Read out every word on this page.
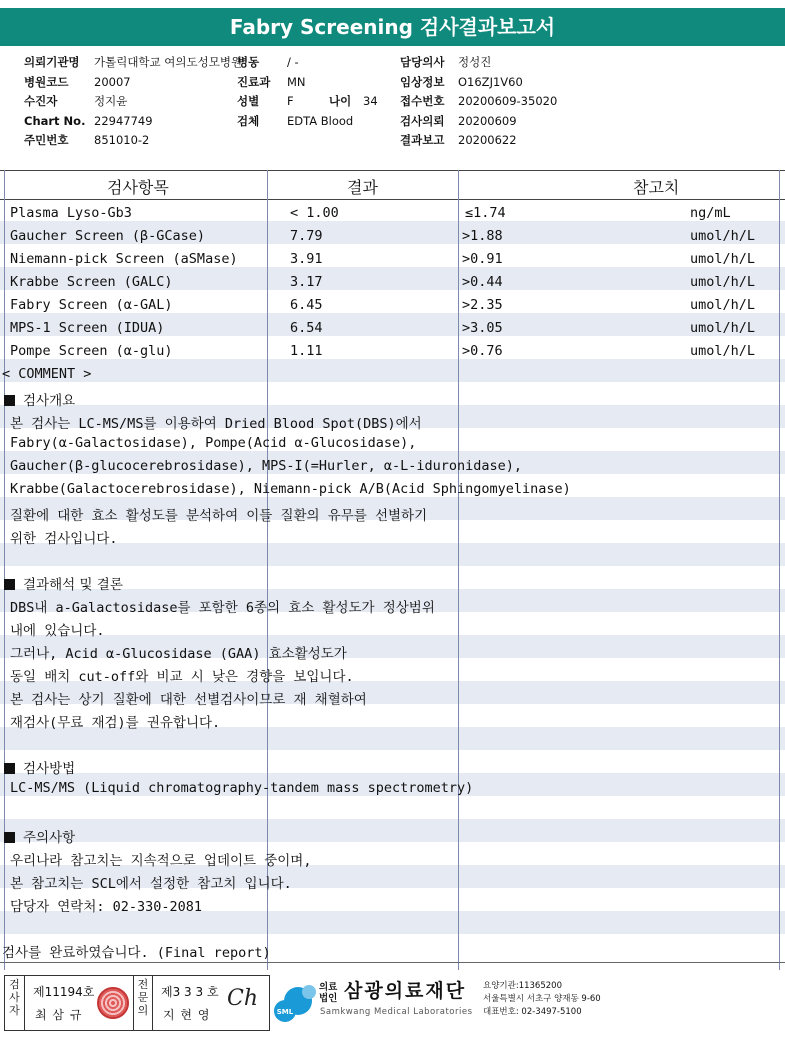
Fabry Screening 검사결과보고서
의뢰기관명 가톨릭대학교 여의도성모병원
병원코드 20007
수진자	정지윤
Chart No. 22947749
주민번호 851010-2
병동 / -
진료과 MN
성별 F	나이 34
검체 EDTA Blood
담당의사 정성진
임상정보 O16ZJ1V60
접수번호 20200609-35020
검사의뢰 20200609
결과보고 20200622
검사항목	결과	참고치
Plasma Lyso-Gb3	< 1.00	≤1.74	ng/mL
Gaucher Screen (β-GCase)	7.79	>1.88	umol/h/L
Niemann-pick Screen (aSMase)	3.91	>0.91	umol/h/L
Krabbe Screen (GALC)	3.17	>0.44	umol/h/L
Fabry Screen (α-GAL)	6.45	>2.35	umol/h/L
MPS-1 Screen (IDUA)	6.54	>3.05	umol/h/L
Pompe Screen (α-glu)	1.11	>0.76	umol/h/L
< COMMENT >
검사개요
본 검사는 LC-MS/MS를 이용하여 Dried Blood Spot(DBS)에서
Fabry(α-Galactosidase), Pompe(Acid α-Glucosidase),
Gaucher(β-glucocerebrosidase), MPS-I(=Hurler, α-L-iduronidase),
Krabbe(Galactocerebrosidase), Niemann-pick A/B(Acid Sphingomyelinase)
질환에 대한 효소 활성도를 분석하여 이들 질환의 유무를 선별하기
위한 검사입니다.
결과해석 및 결론
DBS내 a-Galactosidase를 포함한 6종의 효소 활성도가 정상범위
내에 있습니다.
그러나, Acid α-Glucosidase (GAA) 효소활성도가
동일 배치 cut-off와 비교 시 낮은 경향을 보입니다.
본 검사는 상기 질환에 대한 선별검사이므로 재 채혈하여
재검사(무료 재검)를 권유합니다.
검사방법
LC-MS/MS (Liquid chromatography-tandem mass spectrometry)
주의사항
우리나라 참고치는 지속적으로 업데이트 중이며,
본 참고치는 SCL에서 설정한 참고치 입니다.
담당자 연락처: 02-330-2081
검사를 완료하였습니다. (Final report)
검사자
제11194호
최 삼 규
전문의
제3 3 3 호
지 현 영
Ch
SML
의료법인 삼광의료재단
Samkwang Medical Laboratories
요양기관:11365200
서울특별시 서초구 양재동 9-60
대표번호: 02-3497-5100
